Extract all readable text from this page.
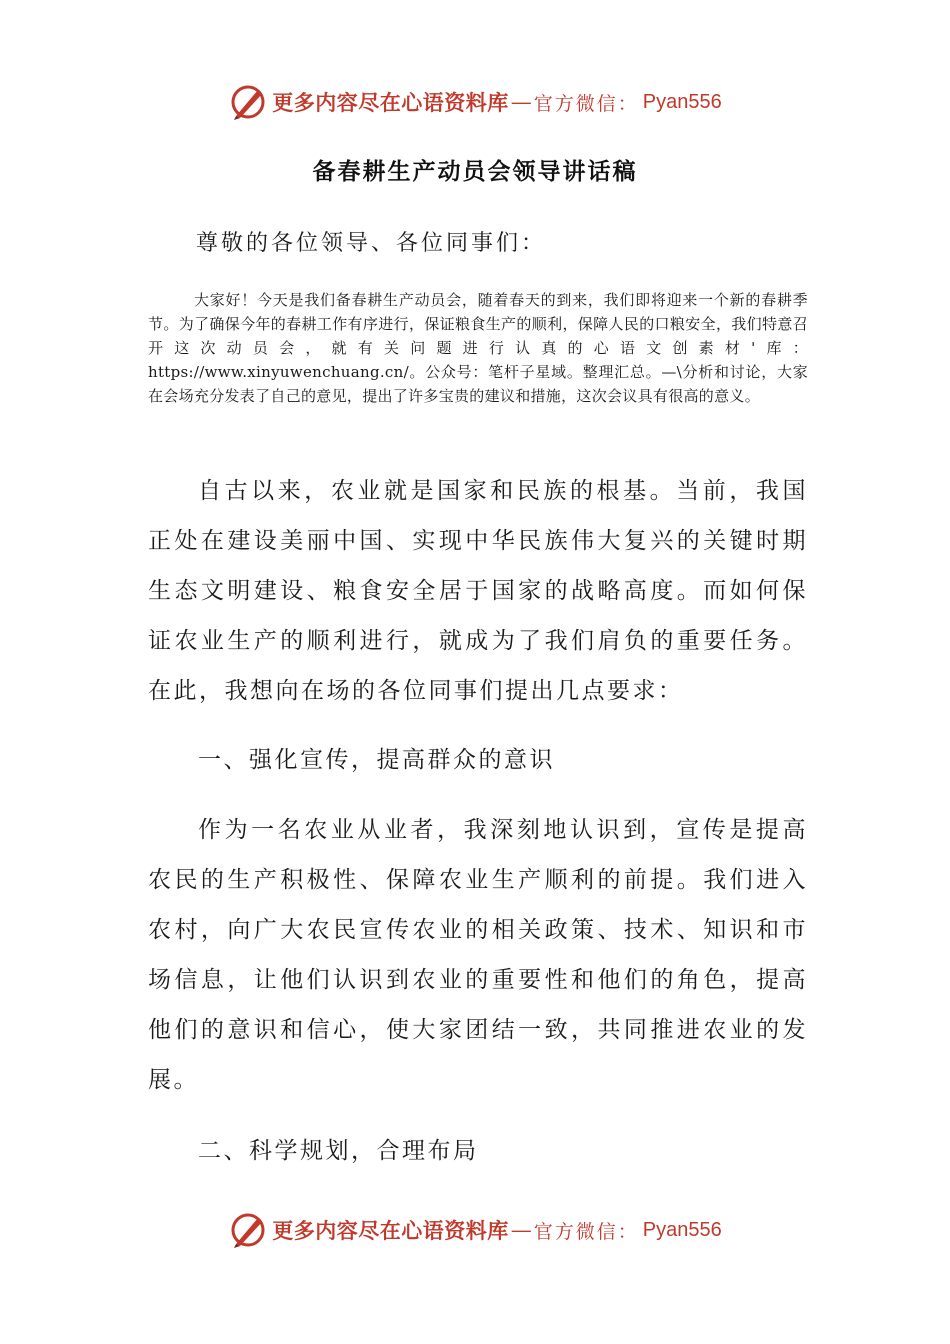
更多内容尽在心语资料库 — 官方微信： Pyan556
备春耕生产动员会领导讲话稿
尊敬的各位领导、各位同事们：
大家好！今天是我们备春耕生产动员会，随着春天的到来，我们即将迎来一个新的春耕季节。为了确保今年的春耕工作有序进行，保证粮食生产的顺利，保障人民的口粮安全，我们特意召开这次动员会，就有关问题进行认真的心语文创素材'库：https://www.xinyuwenchuang.cn/。公众号：笔杆子星域。整理汇总。—\分析和讨论，大家在会场充分发表了自己的意见，提出了许多宝贵的建议和措施，这次会议具有很高的意义。
自古以来，农业就是国家和民族的根基。当前，我国正处在建设美丽中国、实现中华民族伟大复兴的关键时期生态文明建设、粮食安全居于国家的战略高度。而如何保证农业生产的顺利进行，就成为了我们肩负的重要任务。在此，我想向在场的各位同事们提出几点要求：
一、强化宣传，提高群众的意识
作为一名农业从业者，我深刻地认识到，宣传是提高农民的生产积极性、保障农业生产顺利的前提。我们进入农村，向广大农民宣传农业的相关政策、技术、知识和市场信息，让他们认识到农业的重要性和他们的角色，提高他们的意识和信心，使大家团结一致，共同推进农业的发展。
二、科学规划，合理布局
更多内容尽在心语资料库 — 官方微信： Pyan556
